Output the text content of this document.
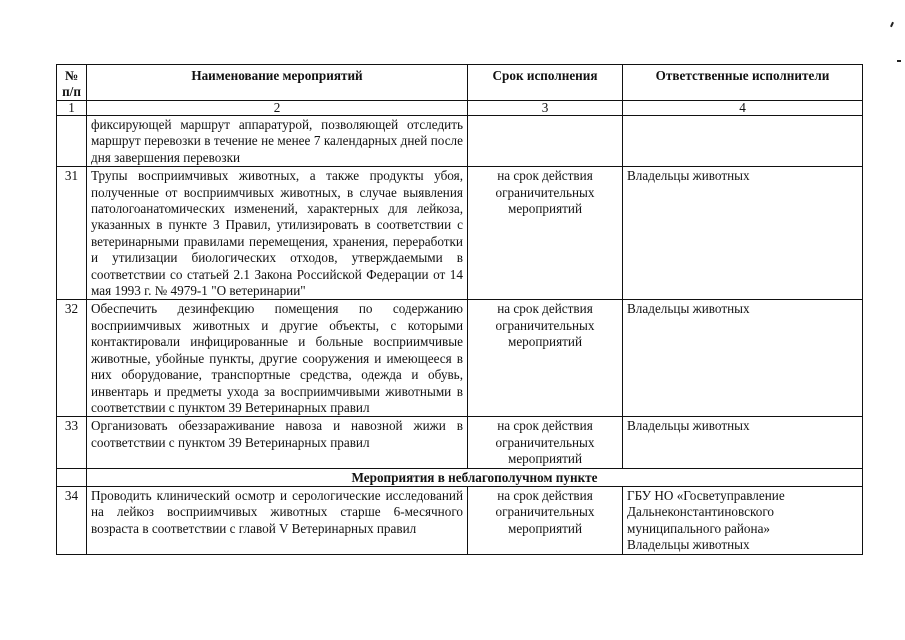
№ п/п	Наименование мероприятий	Срок исполнения	Ответственные исполнители
1	2	3	4
	фиксирующей маршрут аппаратурой, позволяющей отследить маршрут перевозки в течение не менее 7 календарных дней после дня завершения перевозки		
31	Трупы восприимчивых животных, а также продукты убоя, полученные от восприимчивых животных, в случае выявления патологоанатомических изменений, характерных для лейкоза, указанных в пункте 3 Правил, утилизировать в соответствии с ветеринарными правилами перемещения, хранения, переработки и утилизации биологических отходов, утверждаемыми в соответствии со статьей 2.1 Закона Российской Федерации от 14 мая 1993 г. № 4979-1 "О ветеринарии"	на срок действия ограничительных мероприятий	Владельцы животных
32	Обеспечить дезинфекцию помещения по содержанию восприимчивых животных и другие объекты, с которыми контактировали инфицированные и больные восприимчивые животные, убойные пункты, другие сооружения и имеющееся в них оборудование, транспортные средства, одежда и обувь, инвентарь и предметы ухода за восприимчивыми животными в соответствии с пунктом 39 Ветеринарных правил	на срок действия ограничительных мероприятий	Владельцы животных
33	Организовать обеззараживание навоза и навозной жижи в соответствии с пунктом 39 Ветеринарных правил	на срок действия ограничительных мероприятий	Владельцы животных
	Мероприятия в неблагополучном пункте		
34	Проводить клинический осмотр и серологические исследований на лейкоз восприимчивых животных старше 6-месячного возраста в соответствии с главой V Ветеринарных правил	на срок действия ограничительных мероприятий	ГБУ НО «Госветуправление Дальнеконстантиновского муниципального района»
Владельцы животных
